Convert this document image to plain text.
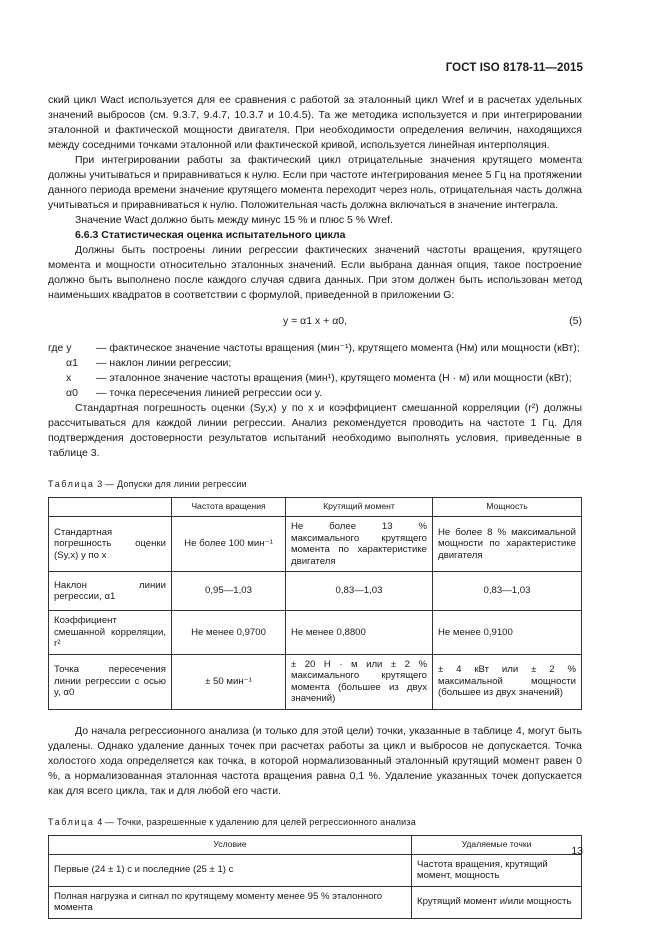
ГОСТ ISO 8178-11—2015

ский цикл Wact используется для ее сравнения с работой за эталонный цикл Wref и в расчетах удельных значений выбросов (см. 9.3.7, 9.4.7, 10.3.7 и 10.4.5). Та же методика используется и при интегрировании эталонной и фактической мощности двигателя. При необходимости определения величин, находящихся между соседними точками эталонной или фактической кривой, используется линейная интерполяция.

При интегрировании работы за фактический цикл отрицательные значения крутящего момента должны учитываться и приравниваться к нулю. Если при частоте интегрирования менее 5 Гц на протяжении данного периода времени значение крутящего момента переходит через ноль, отрицательная часть должна учитываться и приравниваться к нулю. Положительная часть должна включаться в значение интеграла.

Значение Wact должно быть между минус 15 % и плюс 5 % Wref.

6.6.3 Статистическая оценка испытательного цикла

Должны быть построены линии регрессии фактических значений частоты вращения, крутящего момента и мощности относительно эталонных значений. Если выбрана данная опция, такое построение должно быть выполнено после каждого случая сдвига данных. При этом должен быть использован метод наименьших квадратов в соответствии с формулой, приведенной в приложении G:

y = α1 x + α0,	(5)
где y	— фактическое значение частоты вращения (мин⁻¹), крутящего момента (Нм) или мощности (кВт);
α1	— наклон линии регрессии;
x	— эталонное значение частоты вращения (мин¹), крутящего момента (Н · м) или мощности (кВт);
α0	— точка пересечения линией регрессии оси y.

Стандартная погрешность оценки (Sy,x) y по x и коэффициент смешанной корреляции (r²) должны рассчитываться для каждой линии регрессии. Анализ рекомендуется проводить на частоте 1 Гц. Для подтверждения достоверности результатов испытаний необходимо выполнять условия, приведенные в таблице 3.

Таблица 3 — Допуски для линии регрессии
	Частота вращения	Крутящий момент	Мощность
Стандартная погрешность оценки (Sy,x) y по x	Не более 100 мин⁻¹	Не более 13 % максимального крутящего момента по характеристике двигателя	Не более 8 % максимальной мощности по характеристике двигателя
Наклон линии регрессии, α1	0,95—1,03	0,83—1,03	0,83—1,03
Коэффициент смешанной корреляции, r²	Не менее 0,9700	Не менее 0,8800	Не менее 0,9100
Точка пересечения линии регрессии с осью y, α0	± 50 мин⁻¹	± 20 Н · м или ± 2 % максимального крутящего момента (большее из двух значений)	± 4 кВт или ± 2 % максимальной мощности (большее из двух значений)

До начала регрессионного анализа (и только для этой цели) точки, указанные в таблице 4, могут быть удалены. Однако удаление данных точек при расчетах работы за цикл и выбросов не допускается. Точка холостого хода определяется как точка, в которой нормализованный эталонный крутящий момент равен 0 %, а нормализованная эталонная частота вращения равна 0,1 %. Удаление указанных точек допускается как для всего цикла, так и для любой его части.

Таблица 4 — Точки, разрешенные к удалению для целей регрессионного анализа
Условие	Удаляемые точки
Первые (24 ± 1) с и последние (25 ± 1) с	Частота вращения, крутящий момент, мощность
Полная нагрузка и сигнал по крутящему моменту менее 95 % эталонного момента	Крутящий момент и/или мощность
13
